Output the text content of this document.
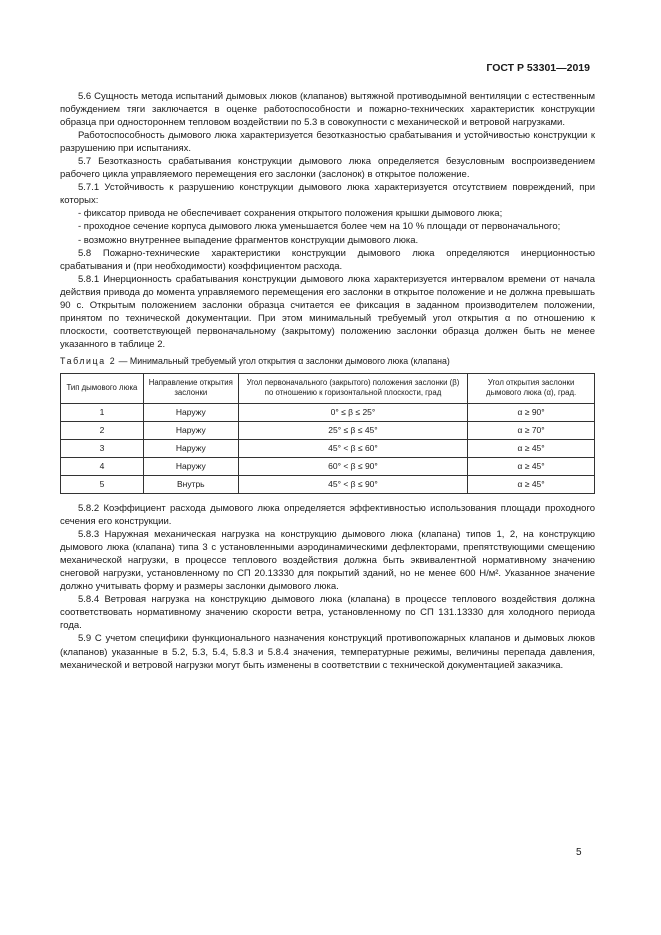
ГОСТ Р 53301—2019

5.6 Сущность метода испытаний дымовых люков (клапанов) вытяжной противодымной вентиляции с естественным побуждением тяги заключается в оценке работоспособности и пожарно-технических характеристик конструкции образца при одностороннем тепловом воздействии по 5.3 в совокупности с механической и ветровой нагрузками.

Работоспособность дымового люка характеризуется безотказностью срабатывания и устойчивостью конструкции к разрушению при испытаниях.

5.7 Безотказность срабатывания конструкции дымового люка определяется безусловным воспроизведением рабочего цикла управляемого перемещения его заслонки (заслонок) в открытое положение.

5.7.1 Устойчивость к разрушению конструкции дымового люка характеризуется отсутствием повреждений, при которых:

- фиксатор привода не обеспечивает сохранения открытого положения крышки дымового люка;

- проходное сечение корпуса дымового люка уменьшается более чем на 10 % площади от первоначального;

- возможно внутреннее выпадение фрагментов конструкции дымового люка.

5.8 Пожарно-технические характеристики конструкции дымового люка определяются инерционностью срабатывания и (при необходимости) коэффициентом расхода.

5.8.1 Инерционность срабатывания конструкции дымового люка характеризуется интервалом времени от начала действия привода до момента управляемого перемещения его заслонки в открытое положение и не должна превышать 90 с. Открытым положением заслонки образца считается ее фиксация в заданном производителем положении, принятом по технической документации. При этом минимальный требуемый угол открытия α по отношению к плоскости, соответствующей первоначальному (закрытому) положению заслонки образца должен быть не менее указанного в таблице 2.

Таблица 2 — Минимальный требуемый угол открытия α заслонки дымового люка (клапана)

Тип дымового люка	Направление открытия заслонки	Угол первоначального (закрытого) положения заслонки (β) по отношению к горизонтальной плоскости, град	Угол открытия заслонки дымового люка (α), град.
1	Наружу	0° ≤ β ≤ 25°	α ≥ 90°
2	Наружу	25° ≤ β ≤ 45°	α ≥ 70°
3	Наружу	45° < β ≤ 60°	α ≥ 45°
4	Наружу	60° < β ≤ 90°	α ≥ 45°
5	Внутрь	45° < β ≤ 90°	α ≥ 45°

5.8.2 Коэффициент расхода дымового люка определяется эффективностью использования площади проходного сечения его конструкции.

5.8.3 Наружная механическая нагрузка на конструкцию дымового люка (клапана) типов 1, 2, на конструкцию дымового люка (клапана) типа 3 с установленными аэродинамическими дефлекторами, препятствующими смещению механической нагрузки, в процессе теплового воздействия должна быть эквивалентной нормативному значению снеговой нагрузки, установленному по СП 20.13330 для покрытий зданий, но не менее 600 Н/м². Указанное значение должно учитывать форму и размеры заслонки дымового люка.

5.8.4 Ветровая нагрузка на конструкцию дымового люка (клапана) в процессе теплового воздействия должна соответствовать нормативному значению скорости ветра, установленному по СП 131.13330 для холодного периода года.

5.9 С учетом специфики функционального назначения конструкций противопожарных клапанов и дымовых люков (клапанов) указанные в 5.2, 5.3, 5.4, 5.8.3 и 5.8.4 значения, температурные режимы, величины перепада давления, механической и ветровой нагрузки могут быть изменены в соответствии с технической документацией заказчика.

5
